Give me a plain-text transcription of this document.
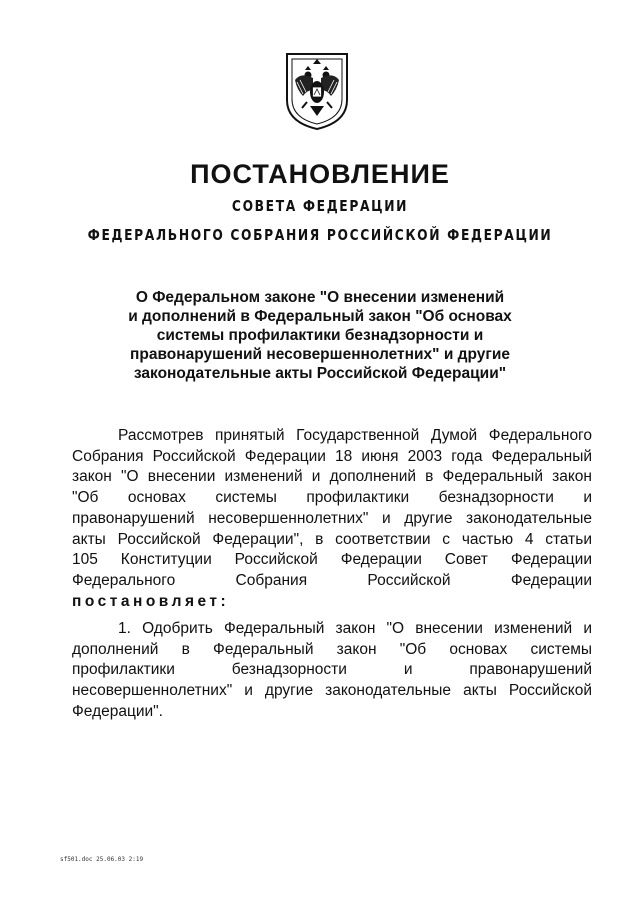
ПОСТАНОВЛЕНИЕ
СОВЕТА ФЕДЕРАЦИИ
ФЕДЕРАЛЬНОГО СОБРАНИЯ РОССИЙСКОЙ ФЕДЕРАЦИИ
О Федеральном законе "О внесении изменений
и дополнений в Федеральный закон "Об основах
системы профилактики безнадзорности и
правонарушений несовершеннолетних" и другие
законодательные акты Российской Федерации"
Рассмотрев принятый Государственной Думой Федерального
Собрания Российской Федерации 18 июня 2003 года Федеральный
закон "О внесении изменений и дополнений в Федеральный закон
"Об основах системы профилактики безнадзорности и
правонарушений несовершеннолетних" и другие законодательные
акты Российской Федерации", в соответствии с частью 4 статьи
105 Конституции Российской Федерации Совет Федерации
Федерального Собрания Российской Федерации
постановляет:
1. Одобрить Федеральный закон "О внесении изменений и
дополнений в Федеральный закон "Об основах системы
профилактики безнадзорности и правонарушений
несовершеннолетних" и другие законодательные акты Российской
Федерации".
sf501.doc 25.06.03 2:19
